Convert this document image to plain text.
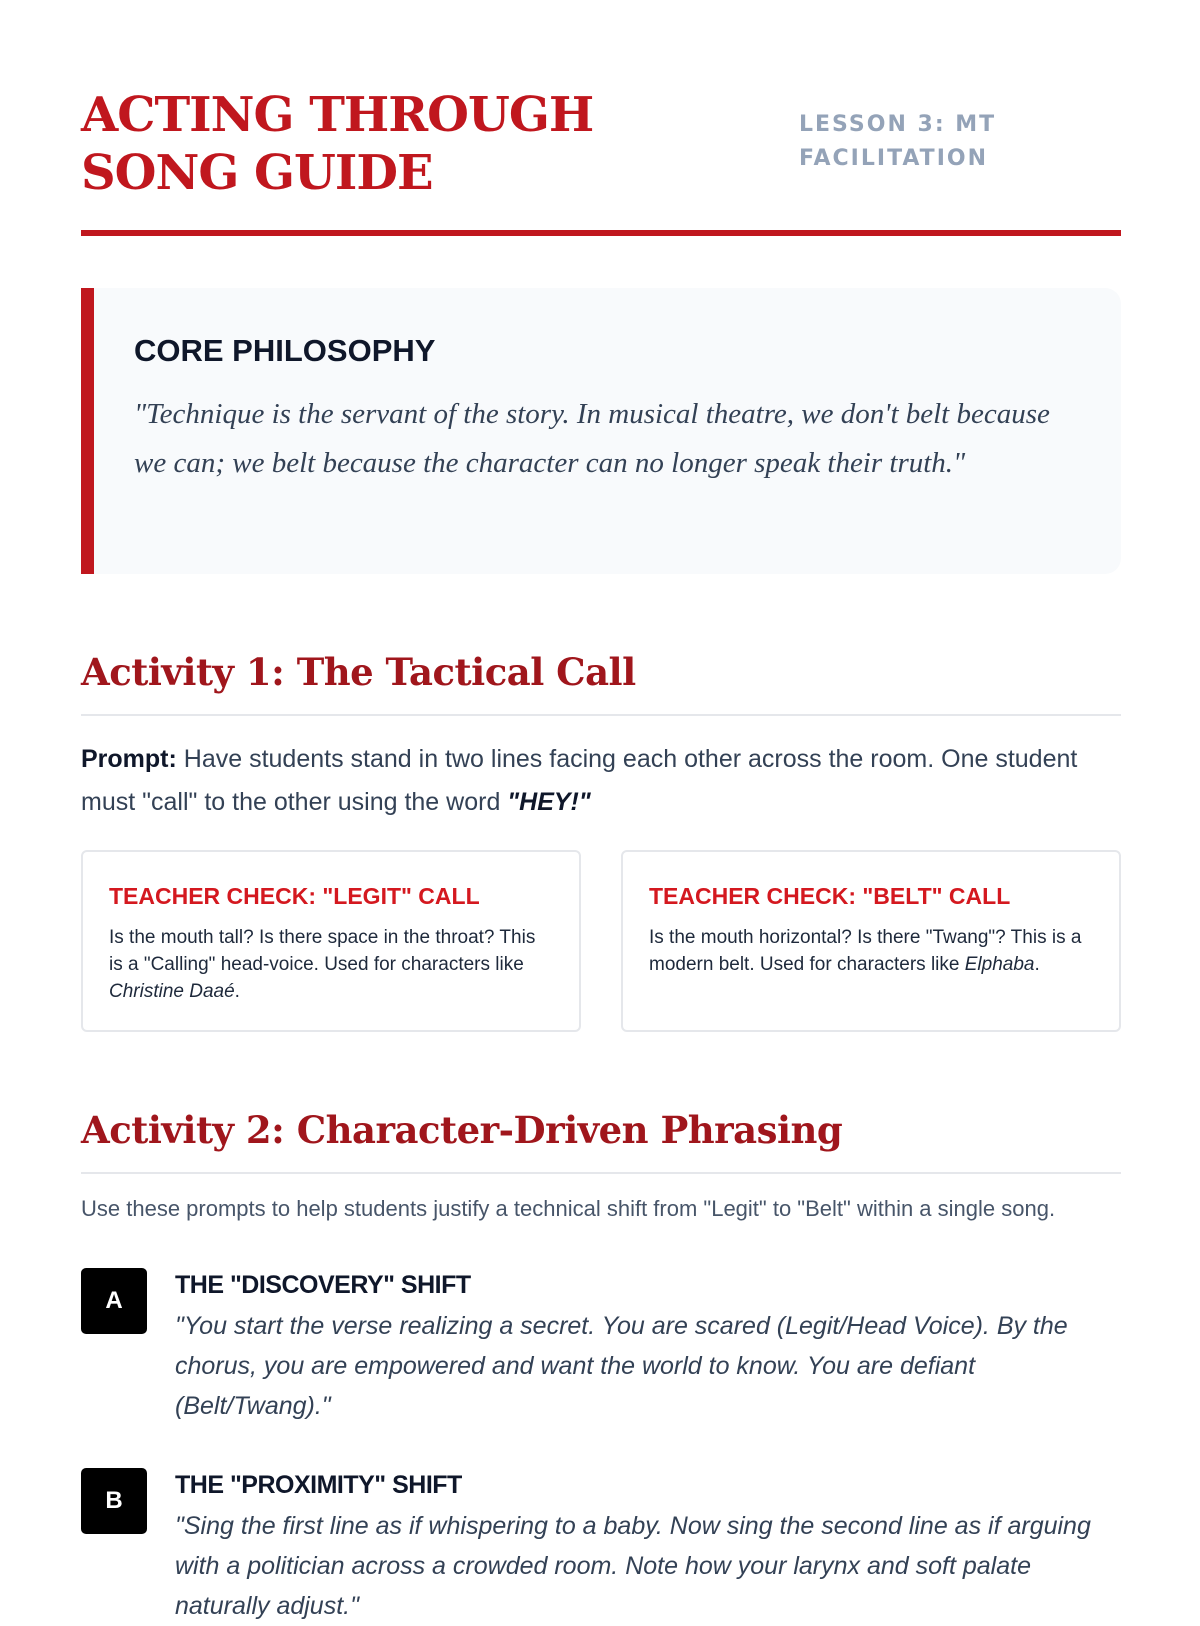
ACTING THROUGH SONG GUIDE
LESSON 3: MT FACILITATION
CORE PHILOSOPHY

"Technique is the servant of the story. In musical theatre, we don't belt because we can; we belt because the character can no longer speak their truth."

Activity 1: The Tactical Call

Prompt: Have students stand in two lines facing each other across the room. One student must "call" to the other using the word "HEY!"

TEACHER CHECK: "LEGIT" CALL

Is the mouth tall? Is there space in the throat? This is a "Calling" head-voice. Used for characters like Christine Daaé.

TEACHER CHECK: "BELT" CALL

Is the mouth horizontal? Is there "Twang"? This is a modern belt. Used for characters like Elphaba.

Activity 2: Character-Driven Phrasing

Use these prompts to help students justify a technical shift from "Legit" to "Belt" within a single song.

A
THE "DISCOVERY" SHIFT

"You start the verse realizing a secret. You are scared (Legit/Head Voice). By the chorus, you are empowered and want the world to know. You are defiant (Belt/Twang)."

B
THE "PROXIMITY" SHIFT

"Sing the first line as if whispering to a baby. Now sing the second line as if arguing with a politician across a crowded room. Note how your larynx and soft palate naturally adjust."
